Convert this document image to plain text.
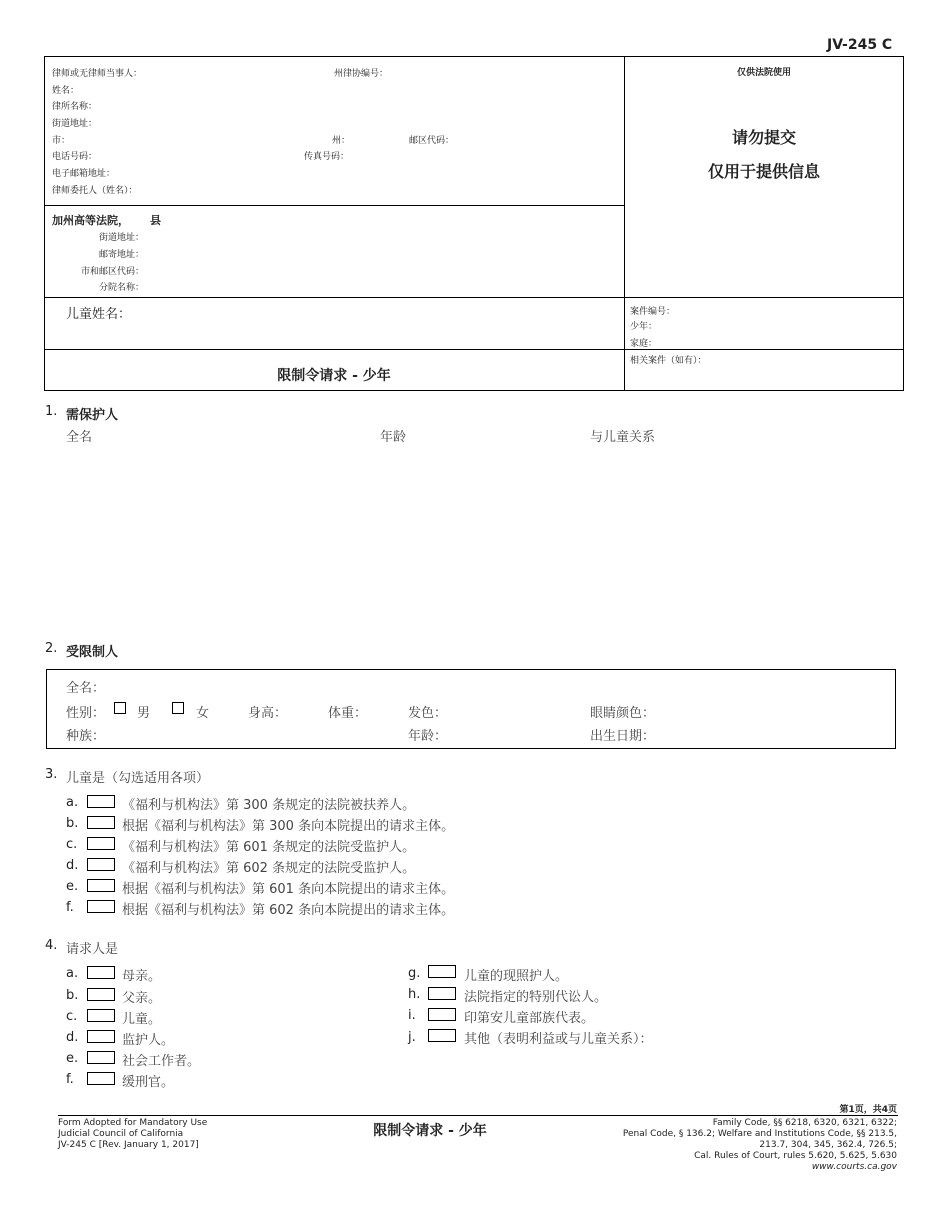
JV-245 C
律师或无律师当事人：	州律协编号：
姓名：
律所名称：
街道地址：
市：	州：	邮区代码：
电话号码：	传真号码：
电子邮箱地址：
律师委托人（姓名）：
仅供法院使用
请勿提交
仅用于提供信息
加州高等法院， 县
街道地址：
邮寄地址：
市和邮区代码：
分院名称：
儿童姓名：	案件编号：
少年：
家庭：
相关案件（如有）：
限制令请求 - 少年
1. 需保护人
全名	年龄	与儿童关系
2. 受限制人
全名：
性别： 男	女	身高：	体重：	发色：	眼睛颜色：
种族：	年龄：	出生日期：
3. 儿童是（勾选适用各项）
a.	《福利与机构法》第 300 条规定的法院被扶养人。
b.	根据《福利与机构法》第 300 条向本院提出的请求主体。
c.	《福利与机构法》第 601 条规定的法院受监护人。
d.	《福利与机构法》第 602 条规定的法院受监护人。
e.	根据《福利与机构法》第 601 条向本院提出的请求主体。
f.	根据《福利与机构法》第 602 条向本院提出的请求主体。
4. 请求人是
a.	母亲。
b.	父亲。
c.	儿童。
d.	监护人。
e.	社会工作者。
f.	缓刑官。
g.	儿童的现照护人。
h.	法院指定的特别代讼人。
i.	印第安儿童部族代表。
j.	其他（表明利益或与儿童关系）：
第1页，共4页
Form Adopted for Mandatory Use
Judicial Council of California
JV-245 C [Rev. January 1, 2017]
限制令请求 - 少年	Family Code, §§ 6218, 6320, 6321, 6322;
Penal Code, § 136.2; Welfare and Institutions Code, §§ 213.5,
213.7, 304, 345, 362.4, 726.5;
Cal. Rules of Court, rules 5.620, 5.625, 5.630
www.courts.ca.gov
